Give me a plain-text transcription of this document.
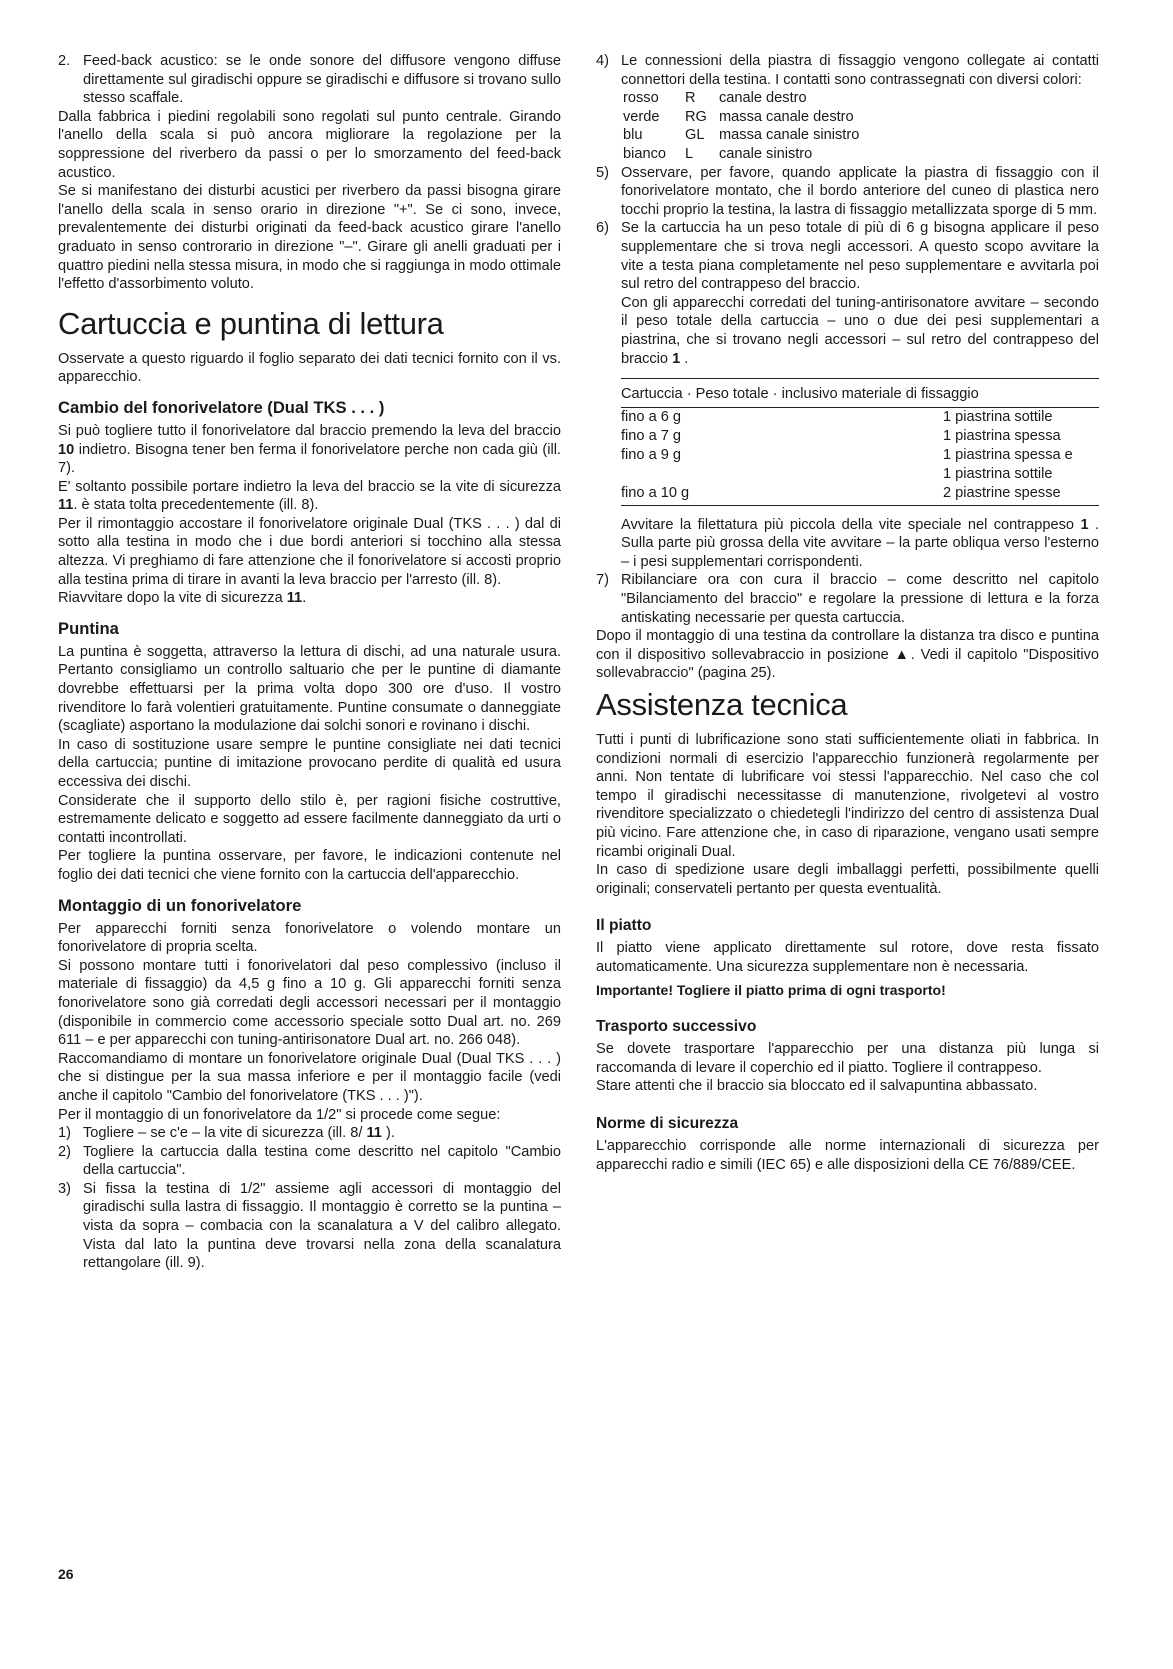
2. Feed-back acustico: se le onde sonore del diffusore vengono diffuse direttamente sul giradischi oppure se giradischi e diffusore si trovano sullo stesso scaffale.

Dalla fabbrica i piedini regolabili sono regolati sul punto centrale. Girando l'anello della scala si può ancora migliorare la regolazione per la soppressione del riverbero da passi o per lo smorzamento del feed-back acustico.

Se si manifestano dei disturbi acustici per riverbero da passi bisogna girare l'anello della scala in senso orario in direzione "+". Se ci sono, invece, prevalentemente dei disturbi originati da feed-back acustico girare l'anello graduato in senso controrario in direzione "–". Girare gli anelli graduati per i quattro piedini nella stessa misura, in modo che si raggiunga in modo ottimale l'effetto d'assorbimento voluto.

Cartuccia e puntina di lettura

Osservate a questo riguardo il foglio separato dei dati tecnici fornito con il vs. apparecchio.

Cambio del fonorivelatore (Dual TKS . . . )

Si può togliere tutto il fonorivelatore dal braccio premendo la leva del braccio 10 indietro. Bisogna tener ben ferma il fonorivelatore perche non cada giù (ill. 7).

E' soltanto possibile portare indietro la leva del braccio se la vite di sicurezza 11. è stata tolta precedentemente (ill. 8).

Per il rimontaggio accostare il fonorivelatore originale Dual (TKS . . . ) dal di sotto alla testina in modo che i due bordi anteriori si tocchino alla stessa altezza. Vi preghiamo di fare attenzione che il fonorivelatore si accosti proprio alla testina prima di tirare in avanti la leva braccio per l'arresto (ill. 8).

Riavvitare dopo la vite di sicurezza 11.

Puntina

La puntina è soggetta, attraverso la lettura di dischi, ad una naturale usura. Pertanto consigliamo un controllo saltuario che per le puntine di diamante dovrebbe effettuarsi per la prima volta dopo 300 ore d'uso. Il vostro rivenditore lo farà volentieri gratuitamente. Puntine consumate o danneggiate (scagliate) asportano la modulazione dai solchi sonori e rovinano i dischi.

In caso di sostituzione usare sempre le puntine consigliate nei dati tecnici della cartuccia; puntine di imitazione provocano perdite di qualità ed usura eccessiva dei dischi.

Considerate che il supporto dello stilo è, per ragioni fisiche costruttive, estremamente delicato e soggetto ad essere facilmente danneggiato da urti o contatti incontrollati.

Per togliere la puntina osservare, per favore, le indicazioni contenute nel foglio dei dati tecnici che viene fornito con la cartuccia dell'apparecchio.

Montaggio di un fonorivelatore

Per apparecchi forniti senza fonorivelatore o volendo montare un fonorivelatore di propria scelta.

Si possono montare tutti i fonorivelatori dal peso complessivo (incluso il materiale di fissaggio) da 4,5 g fino a 10 g. Gli apparecchi forniti senza fonorivelatore sono già corredati degli accessori necessari per il montaggio (disponibile in commercio come accessorio speciale sotto Dual art. no. 269 611 – e per apparecchi con tuning-antirisonatore Dual art. no. 266 048).

Raccomandiamo di montare un fonorivelatore originale Dual (Dual TKS . . . ) che si distingue per la sua massa inferiore e per il montaggio facile (vedi anche il capitolo "Cambio del fonorivelatore (TKS . . . )").

Per il montaggio di un fonorivelatore da 1/2" si procede come segue:

1) Togliere – se c'e – la vite di sicurezza (ill. 8/ 11 ).
2) Togliere la cartuccia dalla testina come descritto nel capitolo "Cambio della cartuccia".
3) Si fissa la testina di 1/2" assieme agli accessori di montaggio del giradischi sulla lastra di fissaggio. Il montaggio è corretto se la puntina – vista da sopra – combacia con la scanalatura a V del calibro allegato. Vista dal lato la puntina deve trovarsi nella zona della scanalatura rettangolare (ill. 9).
4) Le connessioni della piastra di fissaggio vengono collegate ai contatti connettori della testina. I contatti sono contrassegnati con diversi colori:
rosso	R	canale destro
verde	RG massa canale destro
blu	GL massa canale sinistro
bianco	L	canale sinistro
5) Osservare, per favore, quando applicate la piastra di fissaggio con il fonorivelatore montato, che il bordo anteriore del cuneo di plastica nero tocchi proprio la testina, la lastra di fissaggio metallizzata sporge di 5 mm.
6) Se la cartuccia ha un peso totale di più di 6 g bisogna applicare il peso supplementare che si trova negli accessori. A questo scopo avvitare la vite a testa piana completamente nel peso supplementare e avvitarla poi sul retro del contrappeso del braccio.

Con gli apparecchi corredati del tuning-antirisonatore avvitare – secondo il peso totale della cartuccia – uno o due dei pesi supplementari a piastrina, che si trovano negli accessori – sul retro del contrappeso del braccio 1 .

Cartuccia · Peso totale · inclusivo materiale di fissaggio	
fino a 6 g	1 piastrina sottile
fino a 7 g	1 piastrina spessa
fino a 9 g	1 piastrina spessa e
	1 piastrina sottile
fino a 10 g	2 piastrine spesse

Avvitare la filettatura più piccola della vite speciale nel contrappeso 1 . Sulla parte più grossa della vite avvitare – la parte obliqua verso l'esterno – i pesi supplementari corrispondenti.

7) Ribilanciare ora con cura il braccio – come descritto nel capitolo "Bilanciamento del braccio" e regolare la pressione di lettura e la forza antiskating necessarie per questa cartuccia.

Dopo il montaggio di una testina da controllare la distanza tra disco e puntina con il dispositivo sollevabraccio in posizione ▲. Vedi il capitolo "Dispositivo sollevabraccio" (pagina 25).

Assistenza tecnica

Tutti i punti di lubrificazione sono stati sufficientemente oliati in fabbrica. In condizioni normali di esercizio l'apparecchio funzionerà regolarmente per anni. Non tentate di lubrificare voi stessi l'apparecchio. Nel caso che col tempo il giradischi necessitasse di manutenzione, rivolgetevi al vostro rivenditore specializzato o chiedetegli l'indirizzo del centro di assistenza Dual più vicino. Fare attenzione che, in caso di riparazione, vengano usati sempre ricambi originali Dual.

In caso di spedizione usare degli imballaggi perfetti, possibilmente quelli originali; conservateli pertanto per questa eventualità.

Il piatto

Il piatto viene applicato direttamente sul rotore, dove resta fissato automaticamente. Una sicurezza supplementare non è necessaria.

Importante! Togliere il piatto prima di ogni trasporto!

Trasporto successivo

Se dovete trasportare l'apparecchio per una distanza più lunga si raccomanda di levare il coperchio ed il piatto. Togliere il contrappeso.

Stare attenti che il braccio sia bloccato ed il salvapuntina abbassato.

Norme di sicurezza

L'apparecchio corrisponde alle norme internazionali di sicurezza per apparecchi radio e simili (IEC 65) e alle disposizioni della CE 76/889/CEE.

26
